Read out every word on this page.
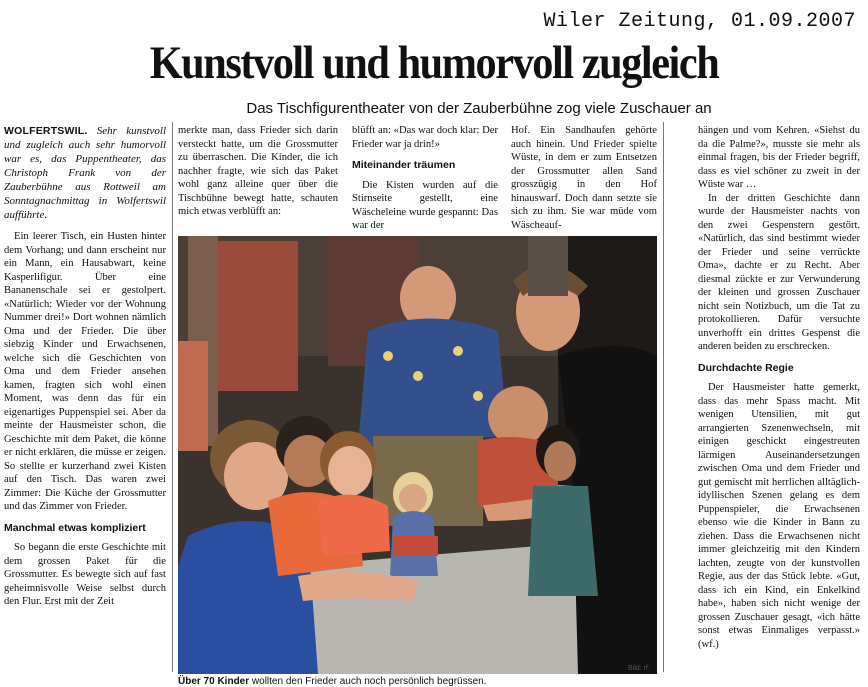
Wiler Zeitung, 01.09.2007
Kunstvoll und humorvoll zugleich
Das Tischfigurentheater von der Zauberbühne zog viele Zuschauer an

WOLFERTSWIL. Sehr kunstvoll und zugleich auch sehr humorvoll war es, das Puppentheater, das Christoph Frank von der Zauberbühne aus Rottweil am Sonntagnachmittag in Wolfertswil aufführte.

Ein leerer Tisch, ein Husten hinter dem Vorhang; und dann erscheint nur ein Mann, ein Hausabwart, keine Kasperlifigur. Über eine Bananenschale sei er gestolpert. «Natürlich: Wieder vor der Wohnung Nummer drei!» Dort wohnen nämlich Oma und der Frieder. Die über siebzig Kinder und Erwachsenen, welche sich die Geschichten von Oma und dem Frieder ansehen kamen, fragten sich wohl einen Moment, was denn das für ein eigenartiges Puppenspiel sei. Aber da meinte der Hausmeister schon, die Geschichte mit dem Paket, die könne er nicht erklären, die müsse er zeigen. So stellte er kurzerhand zwei Kisten auf den Tisch. Das waren zwei Zimmer: Die Küche der Grossmutter und das Zimmer von Frieder.

Manchmal etwas kompliziert

So begann die erste Geschichte mit dem grossen Paket für die Grossmutter. Es bewegte sich auf fast geheimnisvolle Weise selbst durch den Flur. Erst mit der Zeit

merkte man, dass Frieder sich darin versteckt hatte, um die Grossmutter zu überraschen. Die Kinder, die ich nachher fragte, wie sich das Paket wohl ganz alleine quer über die Tischbühne bewegt hatte, schauten mich etwas verblüfft an:

blüfft an: «Das war doch klar: Der Frieder war ja drin!»

Miteinander träumen

Die Kisten wurden auf die Stirnseite gestellt, eine Wäscheleine wurde gespannt: Das war der

Hof. Ein Sandhaufen gehörte auch hinein. Und Frieder spielte Wüste, in dem er zum Entsetzen der Grossmutter allen Sand grosszügig in den Hof hinauswarf. Doch dann setzte sie sich zu ihm. Sie war müde vom Wäscheauf-

hängen und vom Kehren. «Siehst du da die Palme?», musste sie mehr als einmal fragen, bis der Frieder begriff, dass es viel schöner zu zweit in der Wüste war …

In der dritten Geschichte dann wurde der Hausmeister nachts von den zwei Gespenstern gestört. «Natürlich, das sind bestimmt wieder der Frieder und seine verrückte Oma», dachte er zu Recht. Aber diesmal zückte er zur Verwunderung der kleinen und grossen Zuschauer nicht sein Notizbuch, um die Tat zu protokollieren. Dafür versuchte unverhofft ein drittes Gespenst die anderen beiden zu erschrecken.

Durchdachte Regie

Der Hausmeister hatte gemerkt, dass das mehr Spass macht. Mit wenigen Utensilien, mit gut arrangierten Szenenwechseln, mit einigen geschickt eingestreuten lärmigen Auseinandersetzungen zwischen Oma und dem Frieder und gut gemischt mit herrlichen alltäglich-idyllischen Szenen gelang es dem Puppenspieler, die Erwachsenen ebenso wie die Kinder in Bann zu ziehen. Dass die Erwachsenen nicht immer gleichzeitig mit den Kindern lachten, zeugte von der kunstvollen Regie, aus der das Stück lebte. «Gut, dass ich ein Kind, ein Enkelkind habe», haben sich nicht wenige der grossen Zuschauer gesagt, «ich hätte sonst etwas Einmaliges verpasst.» (wf.)

Bild: rf.
Über 70 Kinder wollten den Frieder auch noch persönlich begrüssen.
